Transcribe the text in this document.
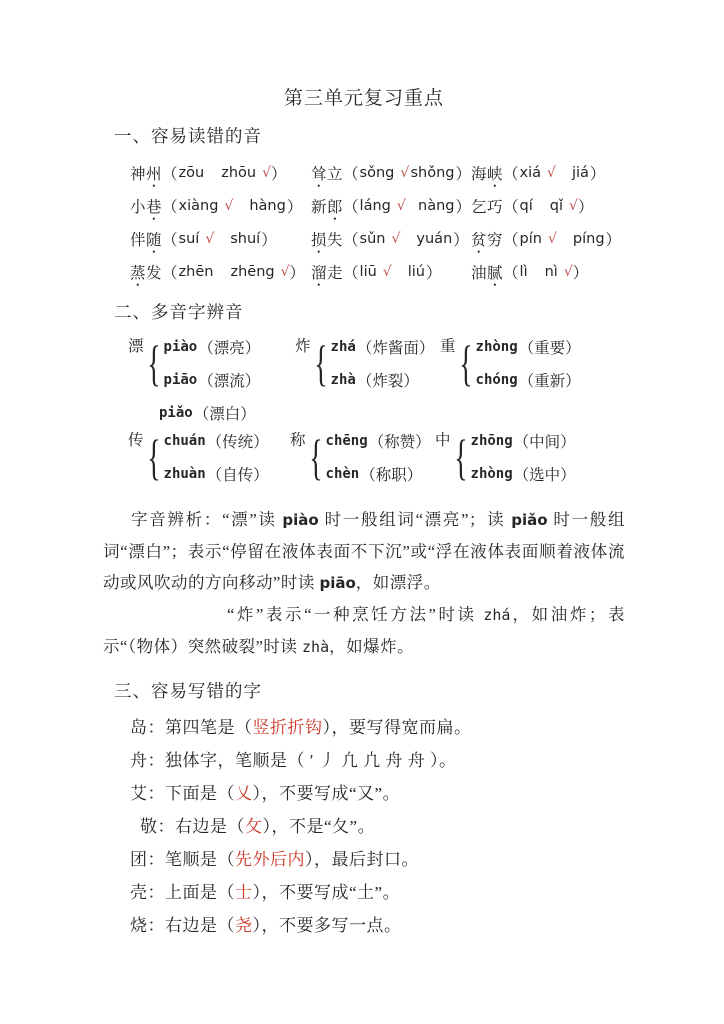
第三单元复习重点
一、容易读错的音
神州 （ zōu zhōu √ ） 耸立 （ sǒng √ shǒng ） 海峡 （ xiá √ jiá ）
小巷 （ xiàng √ hàng ） 新郎 （ láng √ nàng ） 乞巧 （ qí qǐ √ ）
伴随 （ suí √ shuí ） 损失 （ sǔn √ yuán ） 贫穷 （ pín √ píng ）
蒸发 （ zhēn zhēng √ ） 溜走 （ liū √ liú ） 油腻 （ lì nì √ ）
二、多音字辨音
漂 { piào （漂亮）
piāo （漂流）
piǎo （漂白）
炸 { zhá （炸酱面）
zhà （炸裂）
重 { zhòng （重要）
chóng （重新）
传 { chuán （传统）
zhuàn （自传）
称 { chēng （称赞）
chèn （称职）
中 { zhōng （中间）
zhòng （选中）

字音辨析：“漂”读 piào 时一般组词“漂亮”；读 piǎo 时一般组词“漂白”；表示“停留在液体表面不下沉”或“浮在液体表面顺着液体流动或风吹动的方向移动”时读 piāo，如漂浮。

“炸”表示“一种烹饪方法”时读 zhá，如油炸；表示“（物体）突然破裂”时读 zhà，如爆炸。

三、容易写错的字
岛：第四笔是（ 竖折折钩 ），要写得宽而扁。
舟：独体字，笔顺是（ ′ 丿 凢 凣 舟 舟 ）。
艾：下面是（ 乂 ），不要写成“又”。
敬：右边是（ 攵 ），不是“夂”。
团：笔顺是（ 先外后内 ），最后封口。
壳：上面是（ 士 ），不要写成“土”。
烧：右边是（ 尧 ），不要多写一点。
